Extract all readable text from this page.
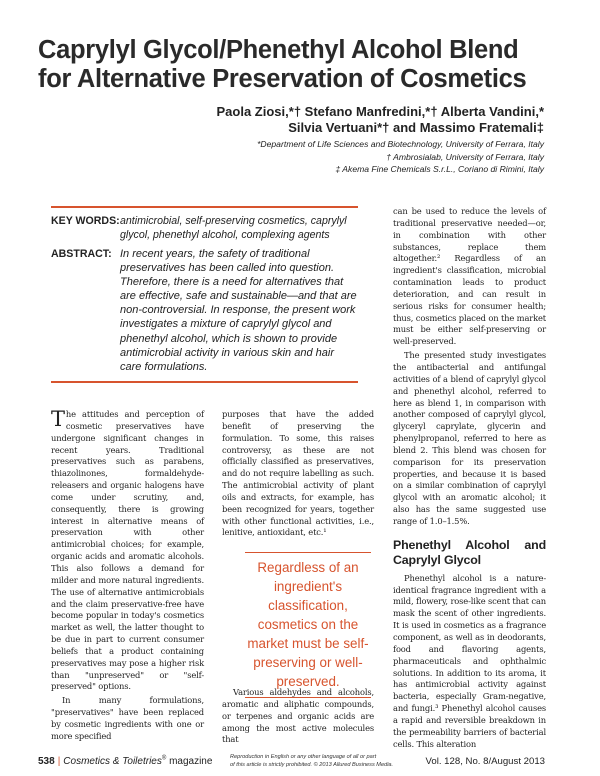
Caprylyl Glycol/Phenethyl Alcohol Blend
for Alternative Preservation of Cosmetics
Paola Ziosi,*† Stefano Manfredini,*† Alberta Vandini,*
Silvia Vertuani*† and Massimo Fratemali‡
*Department of Life Sciences and Biotechnology, University of Ferrara, Italy
† Ambrosialab, University of Ferrara, Italy
‡ Akema Fine Chemicals S.r.L., Coriano di Rimini, Italy
KEY WORDS: antimicrobial, self-preserving cosmetics, caprylyl glycol, phenethyl alcohol, complexing agents
ABSTRACT: In recent years, the safety of traditional preservatives has been called into question. Therefore, there is a need for alternatives that are effective, safe and sustainable—and that are non-controversial. In response, the present work investigates a mixture of caprylyl glycol and phenethyl alcohol, which is shown to provide antimicrobial activity in various skin and hair care formulations.

The attitudes and perception of cosmetic preservatives have undergone significant changes in recent years. Traditional preservatives such as parabens, thiazolinones, formaldehyde-releasers and organic halogens have come under scrutiny, and, consequently, there is growing interest in alternative means of preservation with other antimicrobial choices; for example, organic acids and aromatic alcohols. This also follows a demand for milder and more natural ingredients. The use of alternative antimicrobials and the claim preservative-free have become popular in today's cosmetics market as well, the latter thought to be due in part to current consumer beliefs that a product containing preservatives may pose a higher risk than "unpreserved" or "self-preserved" options.

In many formulations, "preservatives" have been replaced by cosmetic ingredients with one or more specified

purposes that have the added benefit of preserving the formulation. To some, this raises controversy, as these are not officially classified as preservatives, and do not require labelling as such. The antimicrobial activity of plant oils and extracts, for example, has been recognized for years, together with other functional activities, i.e., lenitive, antioxidant, etc.¹

Regardless of an ingredient's classification, cosmetics on the market must be self-preserving or well-preserved.

Various aldehydes and alcohols, aromatic and aliphatic compounds, or terpenes and organic acids are among the most active molecules that

can be used to reduce the levels of traditional preservative needed—or, in combination with other substances, replace them altogether.² Regardless of an ingredient's classification, microbial contamination leads to product deterioration, and can result in serious risks for consumer health; thus, cosmetics placed on the market must be either self-preserving or well-preserved.

The presented study investigates the antibacterial and antifungal activities of a blend of caprylyl glycol and phenethyl alcohol, referred to here as blend 1, in comparison with another composed of caprylyl glycol, glyceryl caprylate, glycerin and phenylpropanol, referred to here as blend 2. This blend was chosen for comparison for its preservation properties, and because it is based on a similar combination of caprylyl glycol with an aromatic alcohol; it also has the same suggested use range of 1.0–1.5%.

Phenethyl Alcohol and Caprylyl Glycol

Phenethyl alcohol is a nature-identical fragrance ingredient with a mild, flowery, rose-like scent that can mask the scent of other ingredients. It is used in cosmetics as a fragrance component, as well as in deodorants, food and flavoring agents, pharmaceuticals and ophthalmic solutions. In addition to its aroma, it has antimicrobial activity against bacteria, especially Gram-negative, and fungi.³ Phenethyl alcohol causes a rapid and reversible breakdown in the permeability barriers of bacterial cells. This alteration

538 | Cosmetics & Toiletries® magazine	Reproduction in English or any other language of all or part
of this article is strictly prohibited. © 2013 Allured Business Media.	Vol. 128, No. 8/August 2013
